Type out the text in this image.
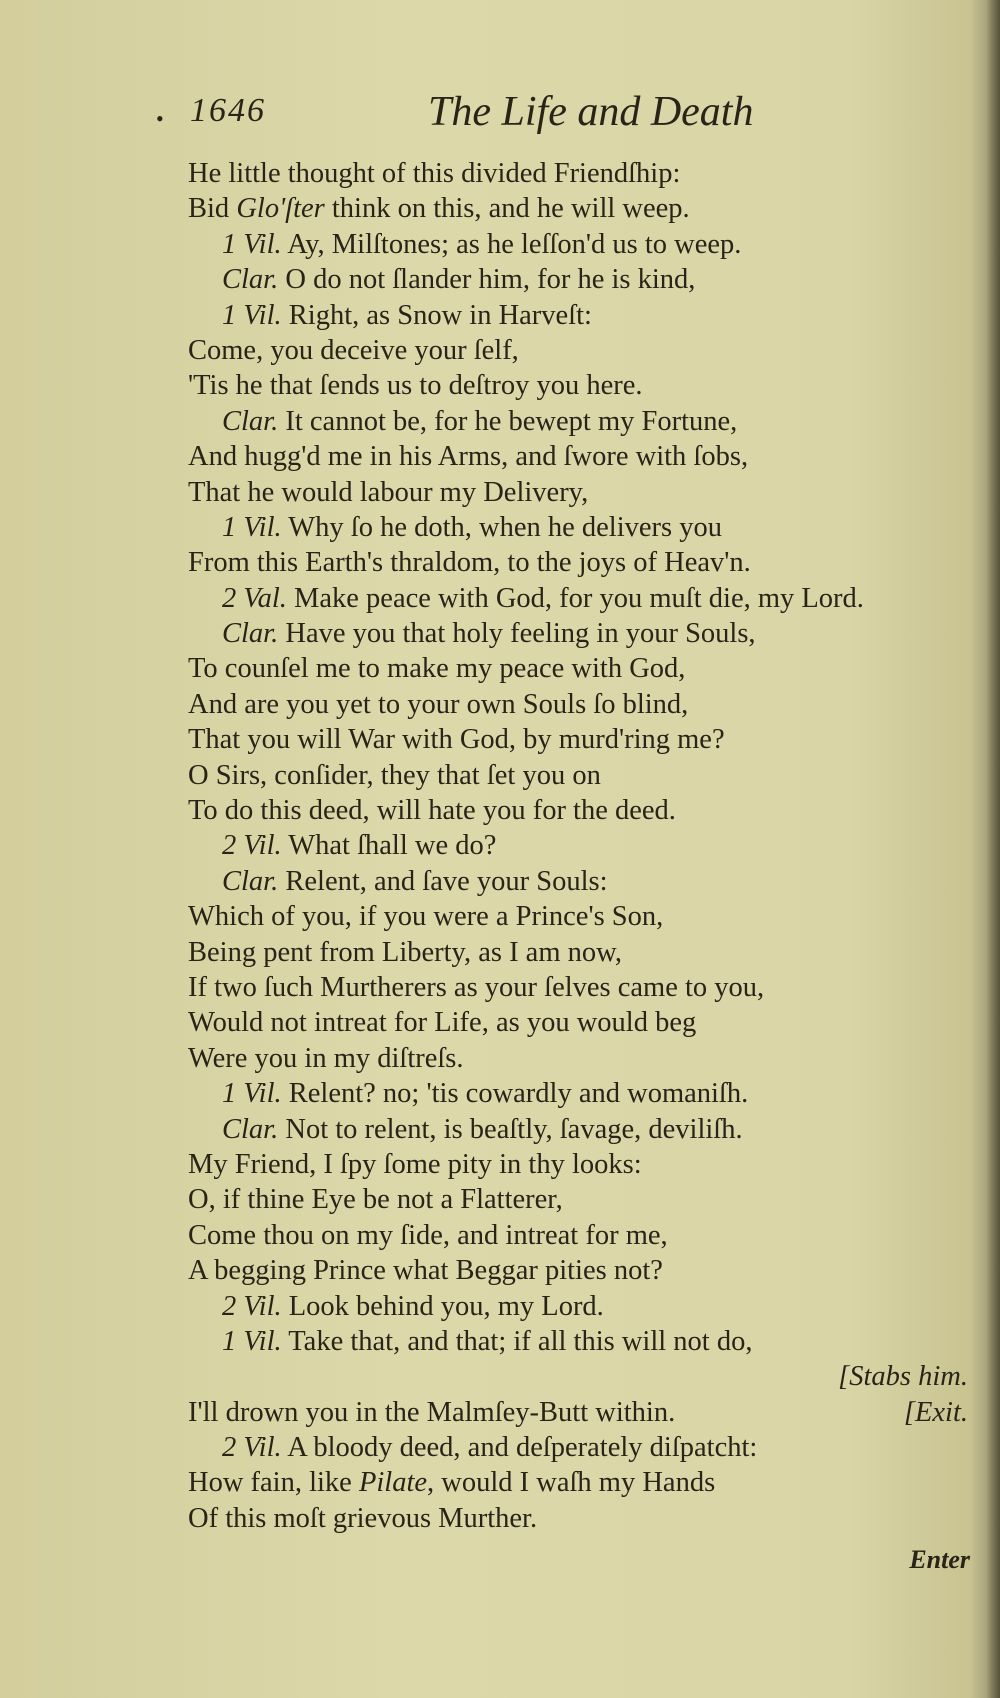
• 1646	The Life and Death
He little thought of this divided Friendſhip:
Bid Glo'ſter think on this, and he will weep.
1 Vil. Ay, Milſtones; as he leſſon'd us to weep.
Clar. O do not ſlander him, for he is kind,
1 Vil. Right, as Snow in Harveſt:
Come, you deceive your ſelf,
'Tis he that ſends us to deſtroy you here.
Clar. It cannot be, for he bewept my Fortune,
And hugg'd me in his Arms, and ſwore with ſobs,
That he would labour my Delivery,
1 Vil. Why ſo he doth, when he delivers you
From this Earth's thraldom, to the joys of Heav'n.
2 Val. Make peace with God, for you muſt die, my Lord.
Clar. Have you that holy feeling in your Souls,
To counſel me to make my peace with God,
And are you yet to your own Souls ſo blind,
That you will War with God, by murd'ring me?
O Sirs, conſider, they that ſet you on
To do this deed, will hate you for the deed.
2 Vil. What ſhall we do?
Clar. Relent, and ſave your Souls:
Which of you, if you were a Prince's Son,
Being pent from Liberty, as I am now,
If two ſuch Murtherers as your ſelves came to you,
Would not intreat for Life, as you would beg
Were you in my diſtreſs.
1 Vil. Relent? no; 'tis cowardly and womaniſh.
Clar. Not to relent, is beaſtly, ſavage, deviliſh.
My Friend, I ſpy ſome pity in thy looks:
O, if thine Eye be not a Flatterer,
Come thou on my ſide, and intreat for me,
A begging Prince what Beggar pities not?
2 Vil. Look behind you, my Lord.
1 Vil. Take that, and that; if all this will not do,
[Stabs him.
I'll drown you in the Malmſey-Butt within.	[Exit.
2 Vil. A bloody deed, and deſperately diſpatcht:
How fain, like Pilate, would I waſh my Hands
Of this moſt grievous Murther.
Enter
